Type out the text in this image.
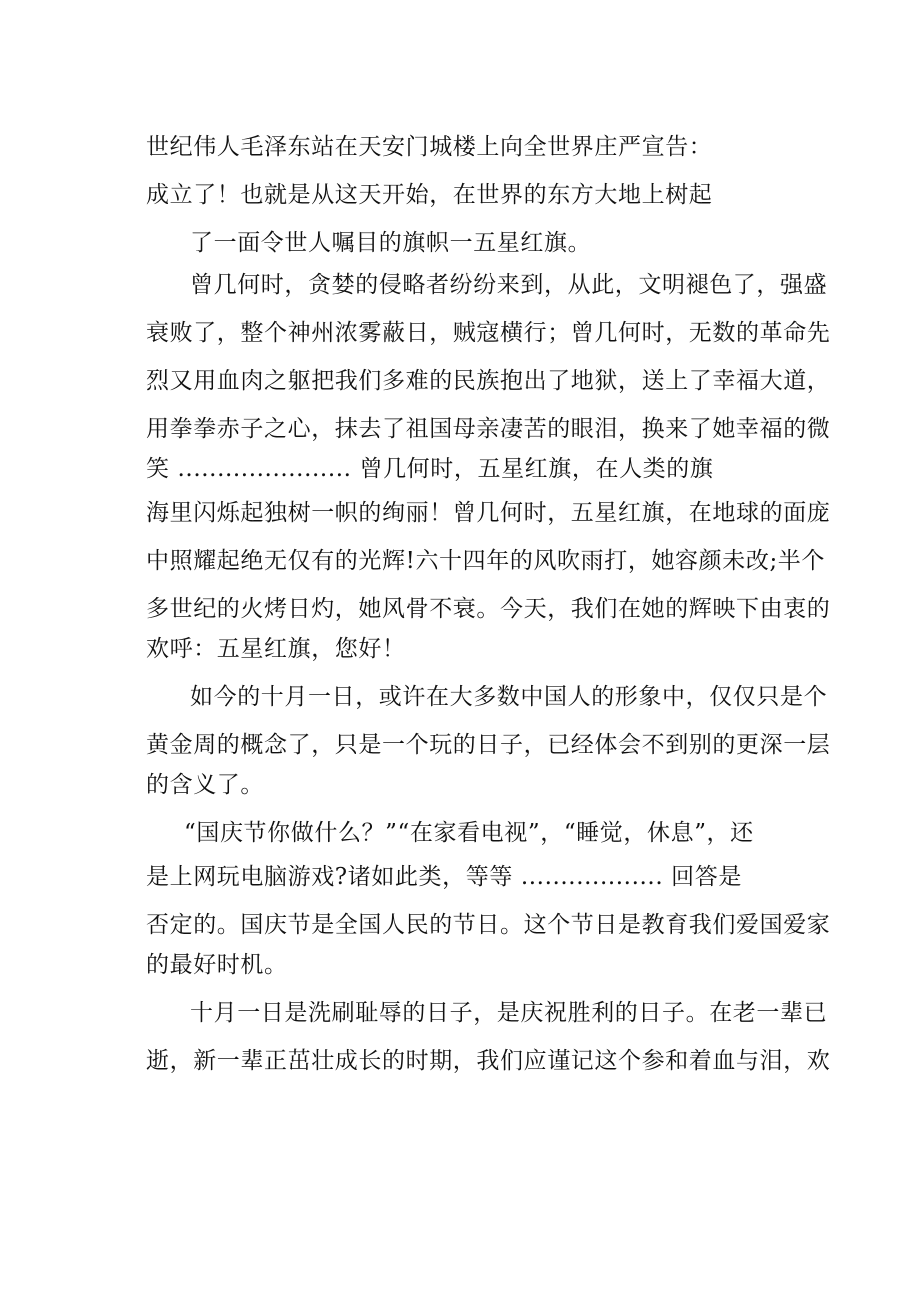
世纪伟人毛泽东站在天安门城楼上向全世界庄严宣告：
成立了！也就是从这天开始，在世界的东方大地上树起
了一面令世人嘱目的旗帜一五星红旗。
曾几何时，贪婪的侵略者纷纷来到，从此，文明褪色了，强盛
衰败了，整个神州浓雾蔽日，贼寇横行；曾几何时，无数的革命先
烈又用血肉之躯把我们多难的民族抱出了地狱，送上了幸福大道，
用拳拳赤子之心，抹去了祖国母亲凄苦的眼泪，换来了她幸福的微
笑 ...................... 曾几何时，五星红旗，在人类的旗
海里闪烁起独树一帜的绚丽！曾几何时，五星红旗，在地球的面庞
中照耀起绝无仅有的光辉!六十四年的风吹雨打，她容颜未改;半个
多世纪的火烤日灼，她风骨不衰。今天，我们在她的辉映下由衷的
欢呼：五星红旗，您好！
如今的十月一日，或许在大多数中国人的形象中，仅仅只是个
黄金周的概念了，只是一个玩的日子，已经体会不到别的更深一层
的含义了。
“国庆节你做什么？”“在家看电视”，“睡觉，休息”，还
是上网玩电脑游戏?诸如此类，等等 .................. 回答是
否定的。国庆节是全国人民的节日。这个节日是教育我们爱国爱家
的最好时机。
十月一日是洗刷耻辱的日子，是庆祝胜利的日子。在老一辈已
逝，新一辈正茁壮成长的时期，我们应谨记这个参和着血与泪，欢
